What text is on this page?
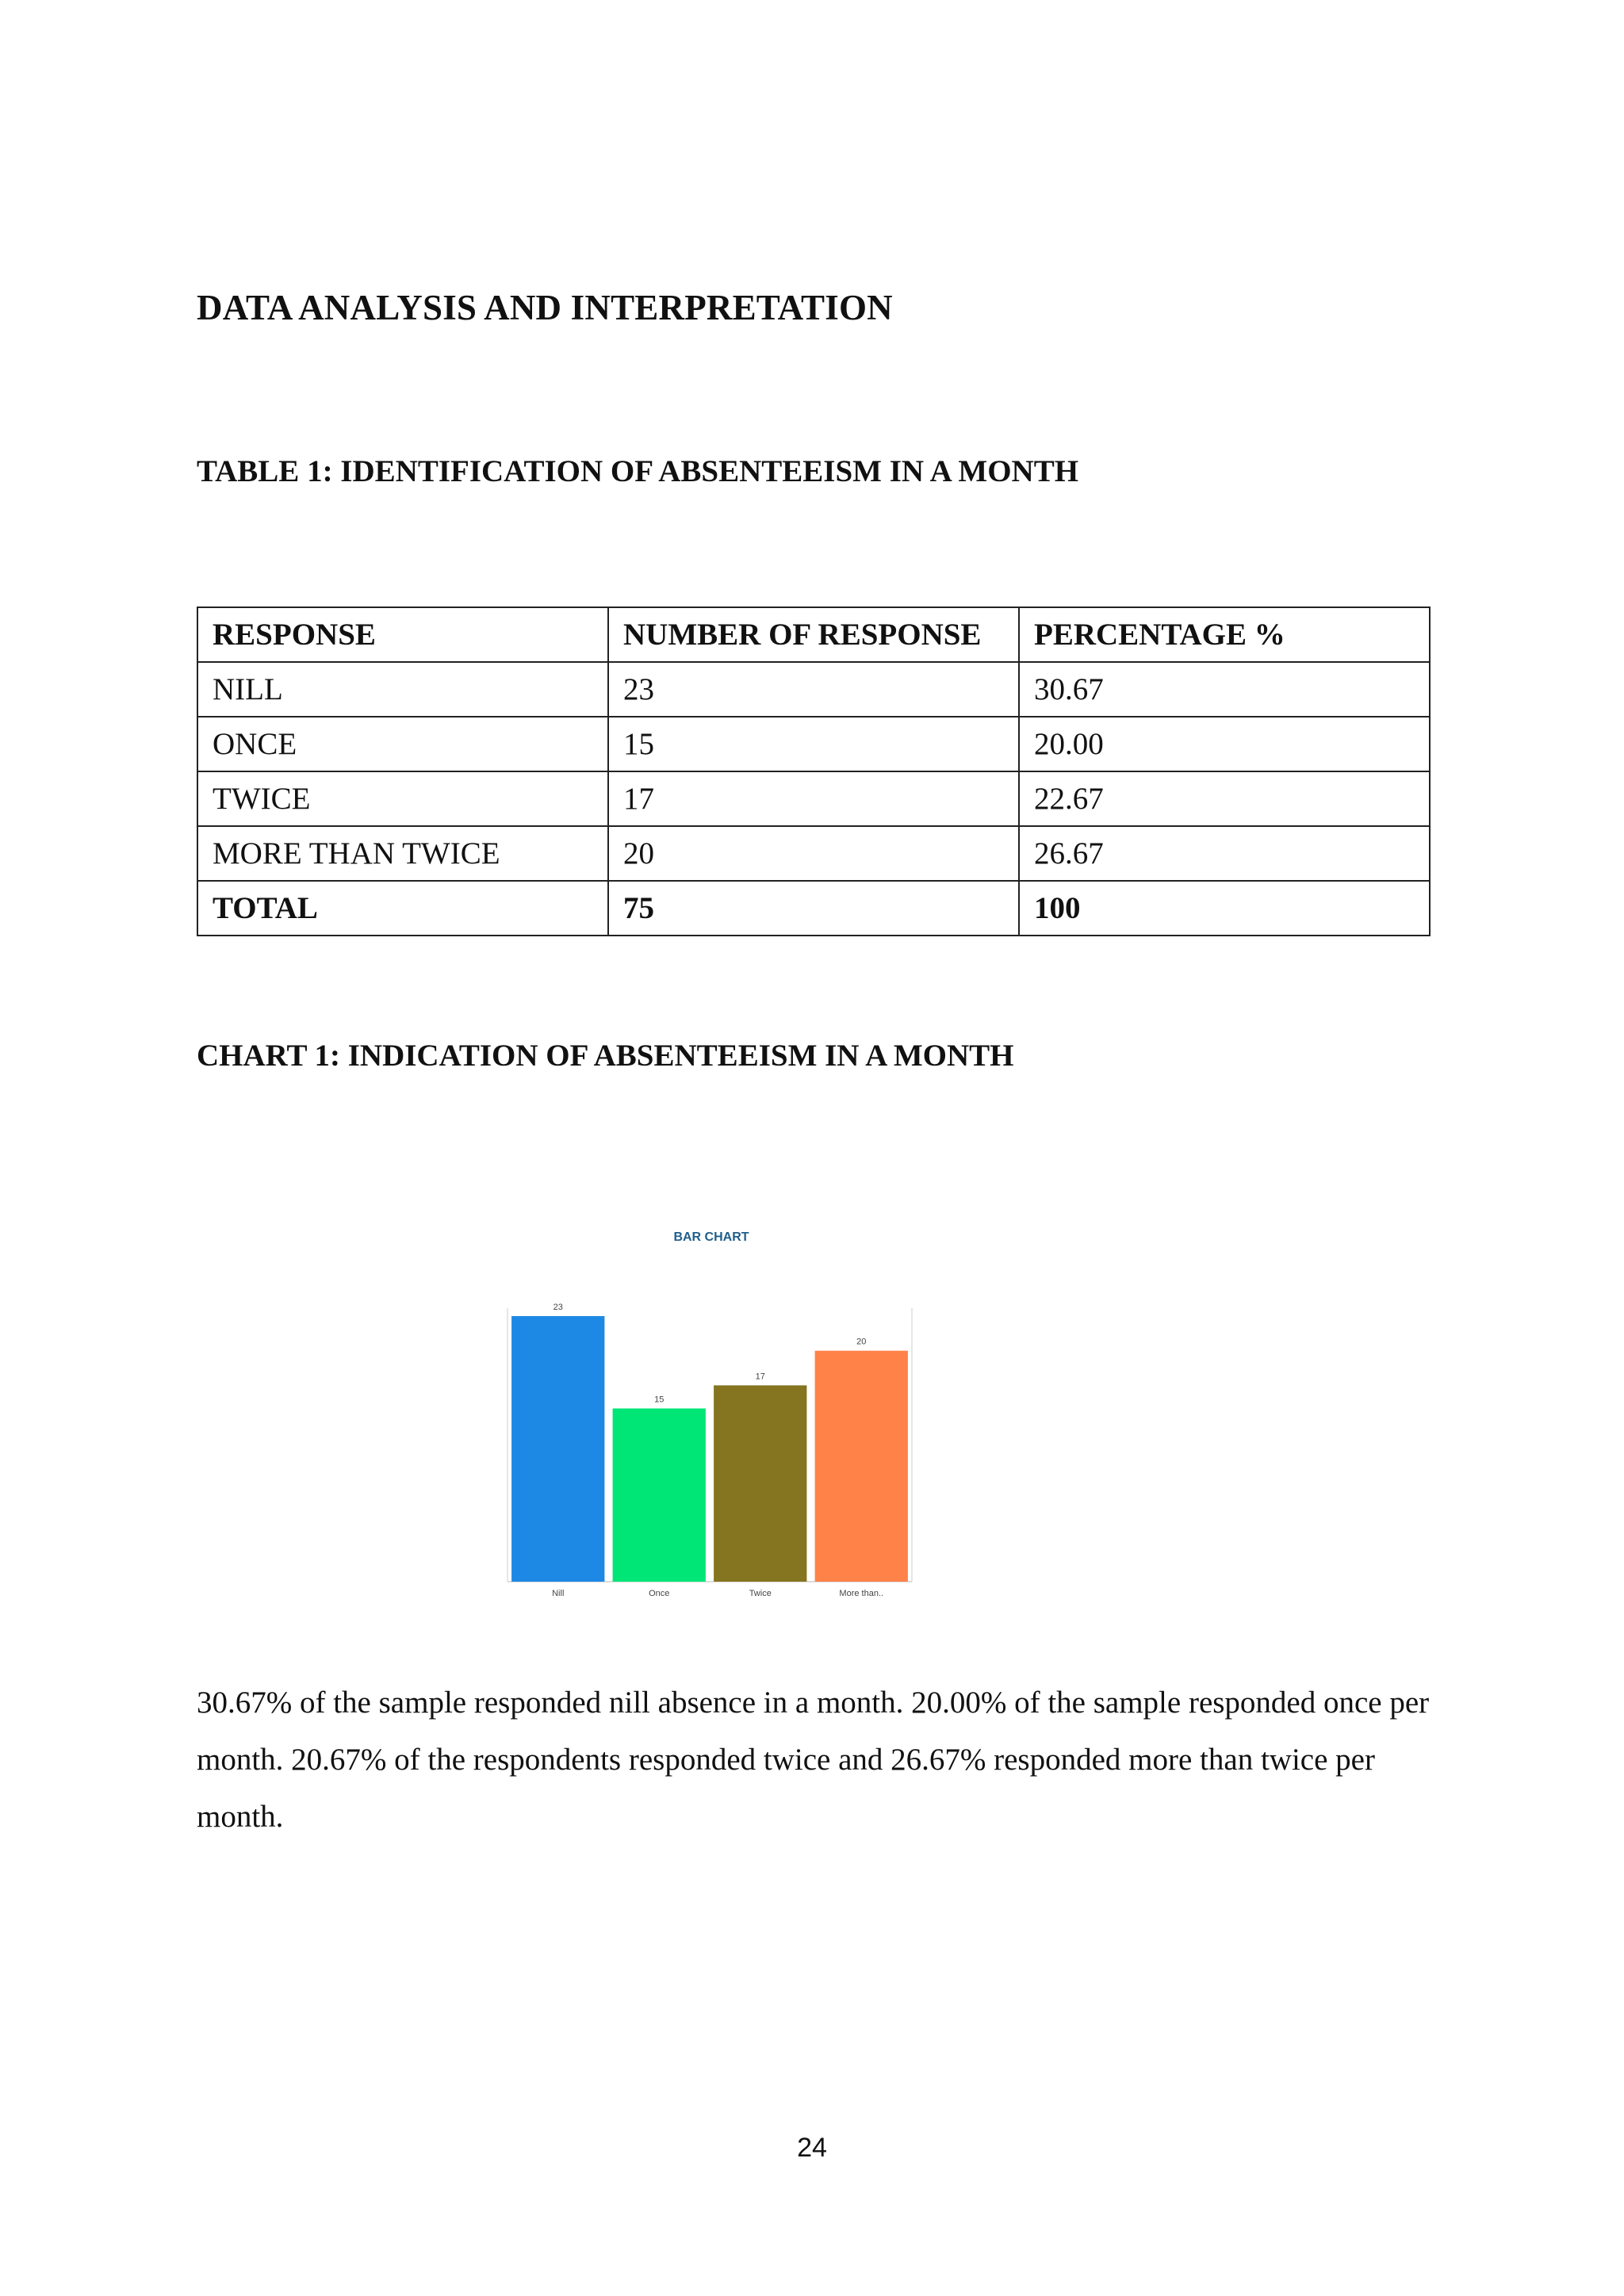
DATA ANALYSIS AND INTERPRETATION
TABLE 1: IDENTIFICATION OF ABSENTEEISM IN A MONTH
RESPONSE	NUMBER OF RESPONSE	PERCENTAGE %
NILL	23	30.67
ONCE	15	20.00
TWICE	17	22.67
MORE THAN TWICE	20	26.67
TOTAL	75	100
CHART 1: INDICATION OF ABSENTEEISM IN A MONTH
BAR CHART
23
Nill
15
Once
17
Twice
20
More than..

30.67% of the sample responded nill absence in a month. 20.00% of the sample responded once per month. 20.67% of the respondents responded twice and 26.67% responded more than twice per month.

24
